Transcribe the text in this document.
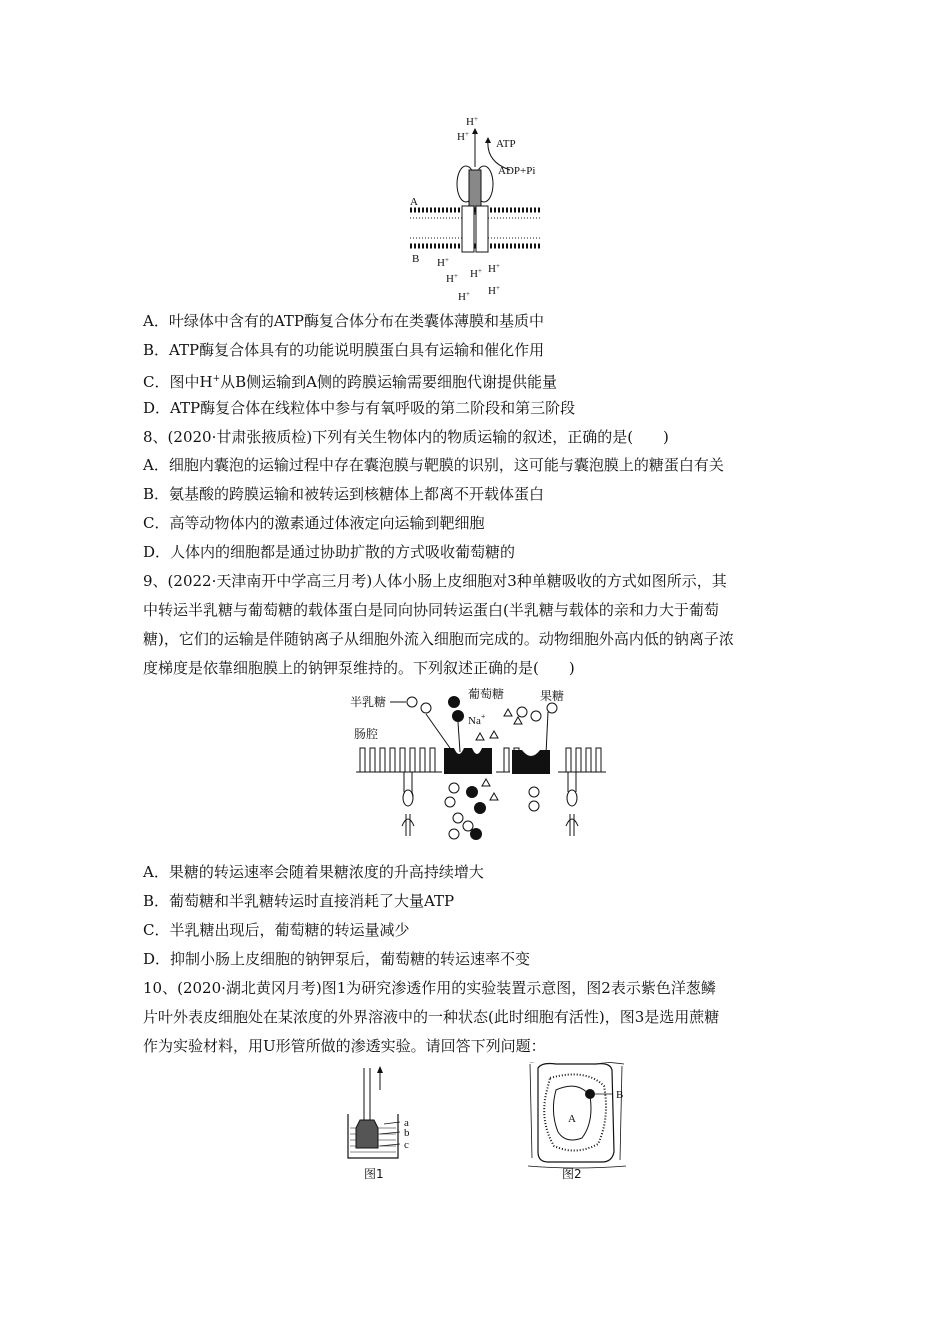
H+
H+
ATP
ADP+Pi
A
B H+
H+ H+ H+
H+
H+
A．叶绿体中含有的ATP酶复合体分布在类囊体薄膜和基质中
B．ATP酶复合体具有的功能说明膜蛋白具有运输和催化作用
C．图中H+从B侧运输到A侧的跨膜运输需要细胞代谢提供能量
D．ATP酶复合体在线粒体中参与有氧呼吸的第二阶段和第三阶段
8、(2020·甘肃张掖质检)下列有关生物体内的物质运输的叙述，正确的是(　　)
A．细胞内囊泡的运输过程中存在囊泡膜与靶膜的识别，这可能与囊泡膜上的糖蛋白有关
B．氨基酸的跨膜运输和被转运到核糖体上都离不开载体蛋白
C．高等动物体内的激素通过体液定向运输到靶细胞
D．人体内的细胞都是通过协助扩散的方式吸收葡萄糖的
9、(2022·天津南开中学高三月考)人体小肠上皮细胞对3种单糖吸收的方式如图所示，其
中转运半乳糖与葡萄糖的载体蛋白是同向协同转运蛋白(半乳糖与载体的亲和力大于葡萄
糖)，它们的运输是伴随钠离子从细胞外流入细胞而完成的。动物细胞外高内低的钠离子浓
度梯度是依靠细胞膜上的钠钾泵维持的。下列叙述正确的是(　　)
半乳糖
葡萄糖
Na+
果糖
肠腔
A．果糖的转运速率会随着果糖浓度的升高持续增大
B．葡萄糖和半乳糖转运时直接消耗了大量ATP
C．半乳糖出现后，葡萄糖的转运量减少
D．抑制小肠上皮细胞的钠钾泵后，葡萄糖的转运速率不变
10、(2020·湖北黄冈月考)图1为研究渗透作用的实验装置示意图，图2表示紫色洋葱鳞
片叶外表皮细胞处在某浓度的外界溶液中的一种状态(此时细胞有活性)，图3是选用蔗糖
作为实验材料，用U形管所做的渗透实验。请回答下列问题：
a
b
c
图1
B
A
图2
